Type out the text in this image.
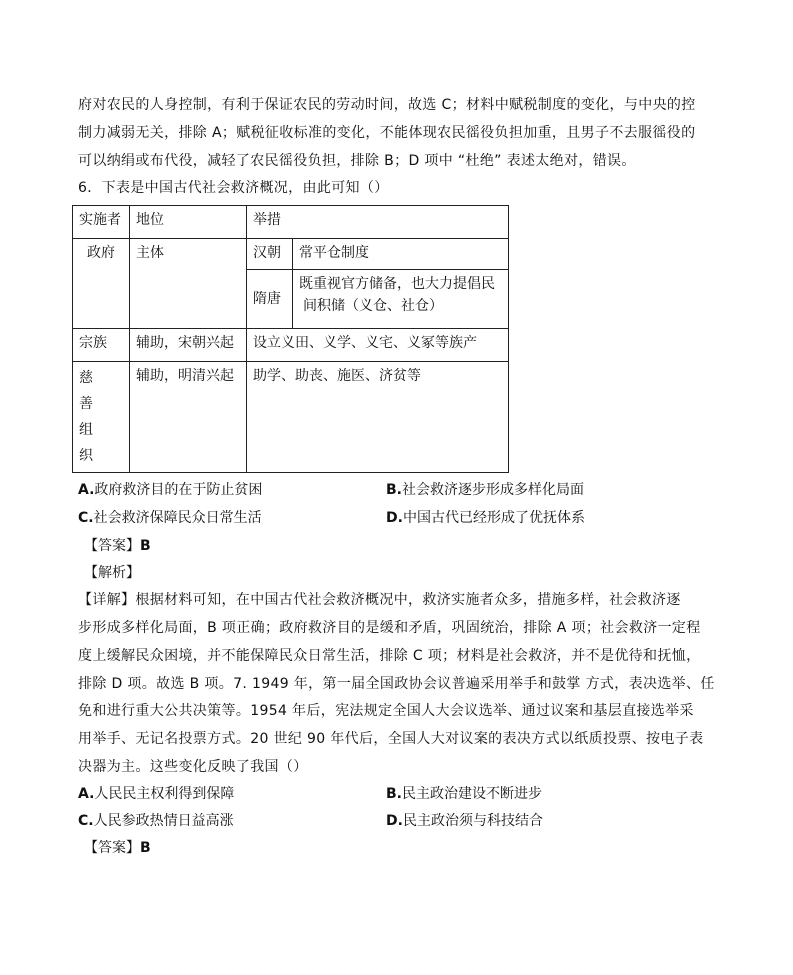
府对农民的人身控制，有利于保证农民的劳动时间，故选 C；材料中赋税制度的变化，与中央的控
制力减弱无关，排除 A；赋税征收标准的变化，不能体现农民徭役负担加重，且男子不去服徭役的
可以纳绢或布代役，减轻了农民徭役负担，排除 B；D 项中 “杜绝” 表述太绝对，错误。
6．下表是中国古代社会救济概况，由此可知（）
实施者	地位	举措	
政府	主体	汉朝	常平仓制度
		隋唐	既重视官方储备，也大力提倡民
间积储（义仓、社仓）

宗族	辅助，宋朝兴起	设立义田、义学、义宅、义冢等族产	

慈
善
组
织	辅助，明清兴起	助学、助丧、施医、济贫等	
A.政府救济目的在于防止贫困	B.社会救济逐步形成多样化局面
C.社会救济保障民众日常生活	D.中国古代已经形成了优抚体系
【答案】B
【解析】
【详解】根据材料可知，在中国古代社会救济概况中，救济实施者众多，措施多样，社会救济逐
步形成多样化局面，B 项正确；政府救济目的是缓和矛盾，巩固统治，排除 A 项；社会救济一定程
度上缓解民众困境，并不能保障民众日常生活，排除 C 项；材料是社会救济，并不是优待和抚恤，
排除 D 项。故选 B 项。7. 1949 年，第一届全国政协会议普遍采用举手和鼓掌 方式，表决选举、任
免和进行重大公共决策等。1954 年后，宪法规定全国人大会议选举、通过议案和基层直接选举采
用举手、无记名投票方式。20 世纪 90 年代后，全国人大对议案的表决方式以纸质投票、按电子表
决器为主。这些变化反映了我国（）
A.人民民主权利得到保障	B.民主政治建设不断进步
C.人民参政热情日益高涨	D.民主政治须与科技结合
【答案】B
